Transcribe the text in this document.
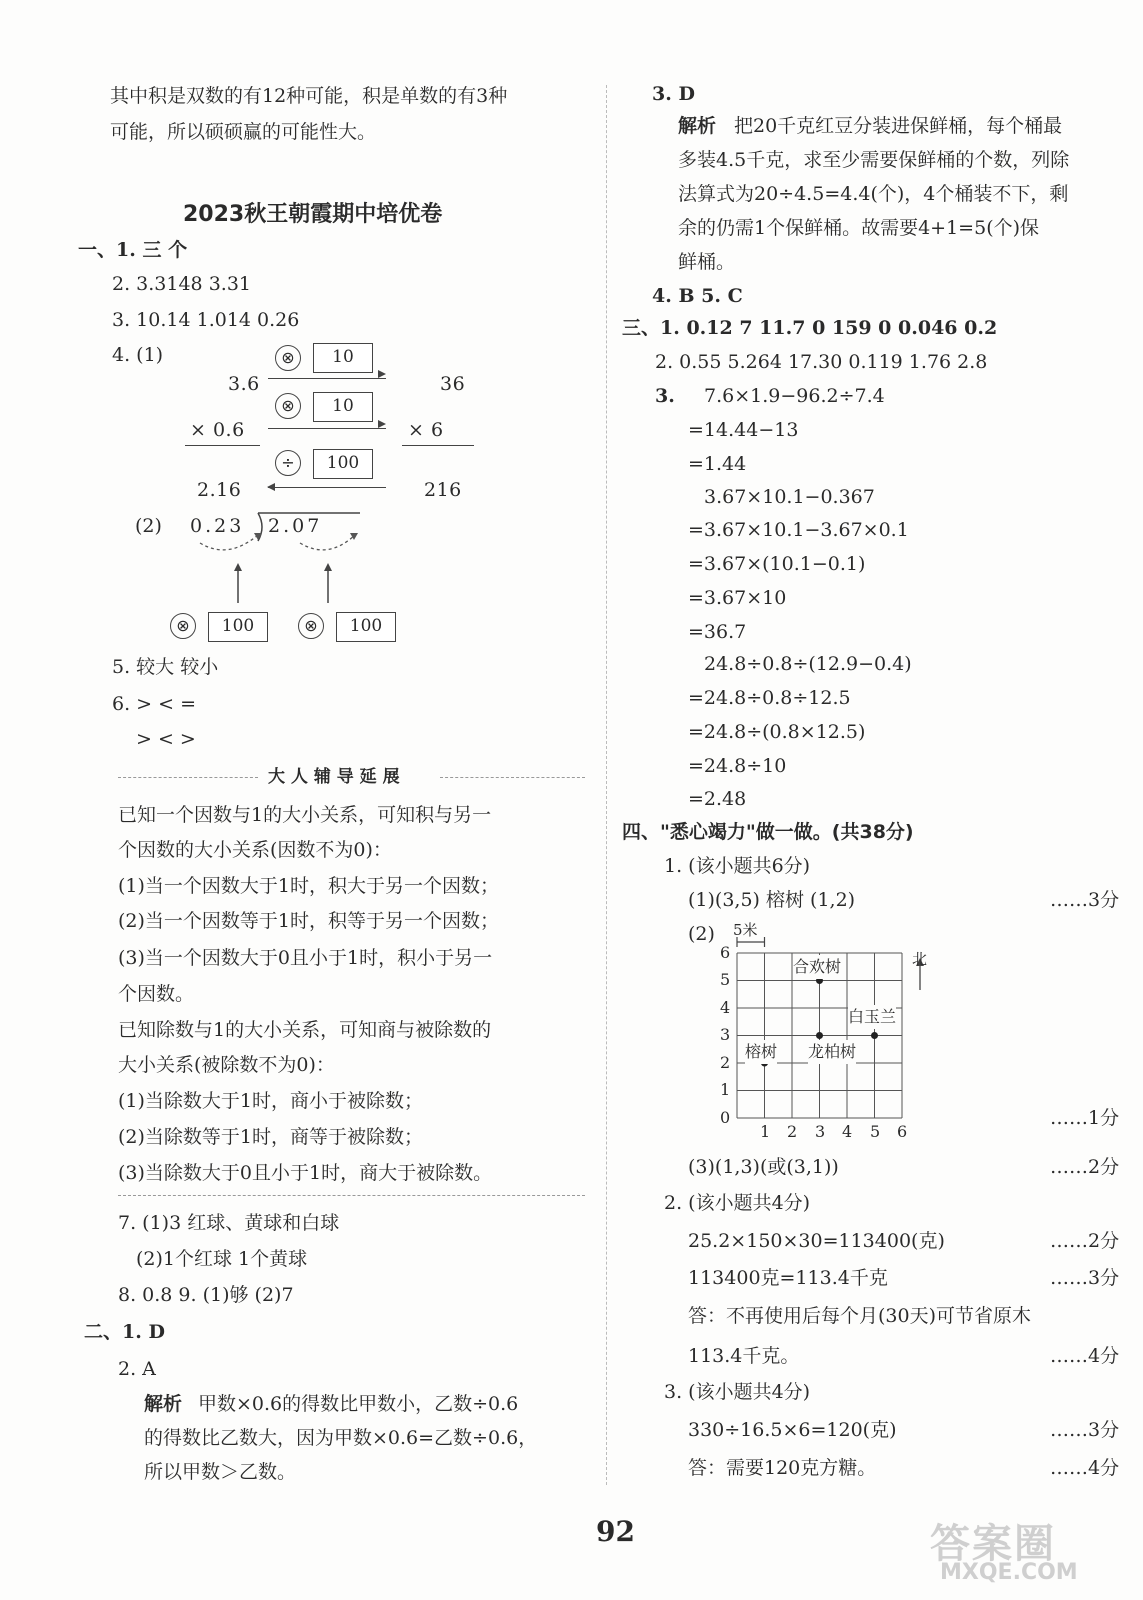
其中积是双数的有12种可能，积是单数的有3种
可能，所以硕硕赢的可能性大。
2023秋王朝霞期中培优卷
一、1. 三 个
2. 3.3148 3.31
3. 10.14 1.014 0.26
4. (1)	⊗	10
3.6	36
⊗	10
× 0.6	× 6
÷	100
2.16	216
(2) 0.23 2.07
⊗	100	⊗	100
5. 较大 较小
6. > < =
> < >
大 人 辅 导 延 展
已知一个因数与1的大小关系，可知积与另一
个因数的大小关系(因数不为0)：
(1)当一个因数大于1时，积大于另一个因数；
(2)当一个因数等于1时，积等于另一个因数；
(3)当一个因数大于0且小于1时，积小于另一
个因数。
已知除数与1的大小关系，可知商与被除数的
大小关系(被除数不为0)：
(1)当除数大于1时，商小于被除数；
(2)当除数等于1时，商等于被除数；
(3)当除数大于0且小于1时，商大于被除数。
7. (1)3 红球、黄球和白球
(2)1个红球 1个黄球
8. 0.8 9. (1)够 (2)7
二、1. D
2. A
解析 甲数×0.6的得数比甲数小，乙数÷0.6
的得数比乙数大，因为甲数×0.6=乙数÷0.6，
所以甲数＞乙数。
3. D
解析 把20千克红豆分装进保鲜桶，每个桶最
多装4.5千克，求至少需要保鲜桶的个数，列除
法算式为20÷4.5=4.4̇(个)，4个桶装不下，剩
余的仍需1个保鲜桶。故需要4+1=5(个)保
鲜桶。
4. B 5. C
三、1. 0.12 7 11.7 0 159 0 0.046 0.2
2. 0.55 5.264 17.30 0.119 1.76 2.8
3. 7.6×1.9−96.2÷7.4
=14.44−13
=1.44
3.67×10.1−0.367
=3.67×10.1−3.67×0.1
=3.67×(10.1−0.1)
=3.67×10
=36.7
24.8÷0.8÷(12.9−0.4)
=24.8÷0.8÷12.5
=24.8÷(0.8×12.5)
=24.8÷10
=2.48
四、"悉心竭力"做一做。(共38分)
1. (该小题共6分)
(1)(3,5) 榕树 (1,2)	……3分
(2) 5米
北
合欢树
白玉兰
榕树 龙柏树
0
1
2
3
4
5
6
1 2 3 4 5 6
……1分
(3)(1,3)(或(3,1))	……2分
2. (该小题共4分)
25.2×150×30=113400(克)	……2分
113400克=113.4千克	……3分
答：不再使用后每个月(30天)可节省原木
113.4千克。	……4分
3. (该小题共4分)
330÷16.5×6=120(克)	……3分
答：需要120克方糖。	……4分
92	答案圈
MXQE.COM
